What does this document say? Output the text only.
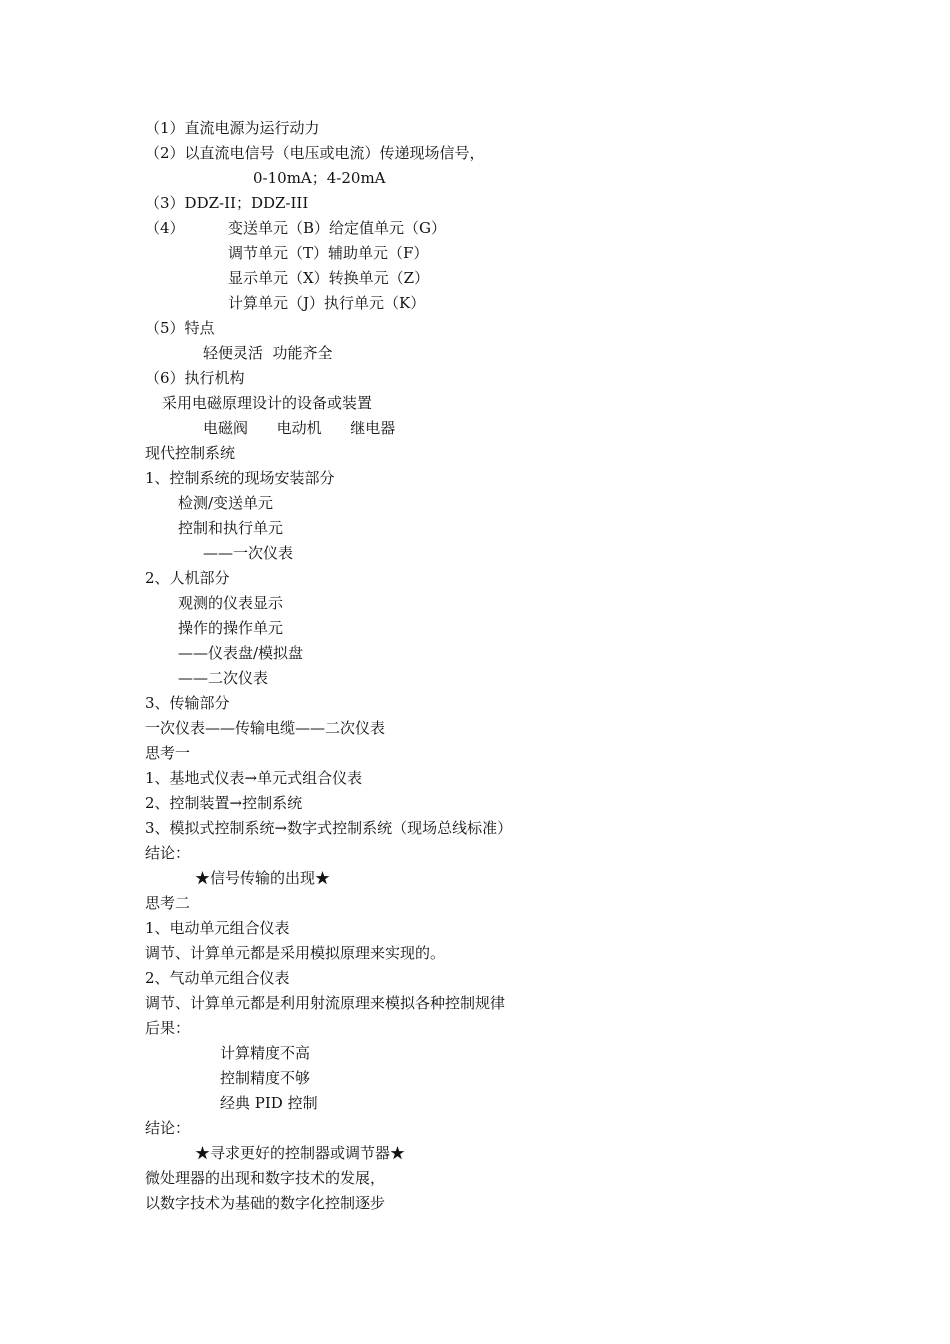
（1）直流电源为运行动力
（2）以直流电信号（电压或电流）传递现场信号，
0-10mA；4-20mA
（3）DDZ-II；DDZ-III
（4）	变送单元（B）给定值单元（G）
调节单元（T）辅助单元（F）
显示单元（X）转换单元（Z）
计算单元（J）执行单元（K）
（5）特点
轻便灵活  功能齐全
（6）执行机构
采用电磁原理设计的设备或装置
电磁阀      电动机      继电器
现代控制系统
1、控制系统的现场安装部分
检测/变送单元
控制和执行单元
——一次仪表
2、人机部分
观测的仪表显示
操作的操作单元
——仪表盘/模拟盘
——二次仪表
3、传输部分
一次仪表——传输电缆——二次仪表
思考一
1、基地式仪表→单元式组合仪表
2、控制装置→控制系统
3、模拟式控制系统→数字式控制系统（现场总线标准）
结论：
★信号传输的出现★
思考二
1、电动单元组合仪表
调节、计算单元都是采用模拟原理来实现的。
2、气动单元组合仪表
调节、计算单元都是利用射流原理来模拟各种控制规律
后果：
计算精度不高
控制精度不够
经典 PID 控制
结论：
★寻求更好的控制器或调节器★
微处理器的出现和数字技术的发展，
以数字技术为基础的数字化控制逐步
